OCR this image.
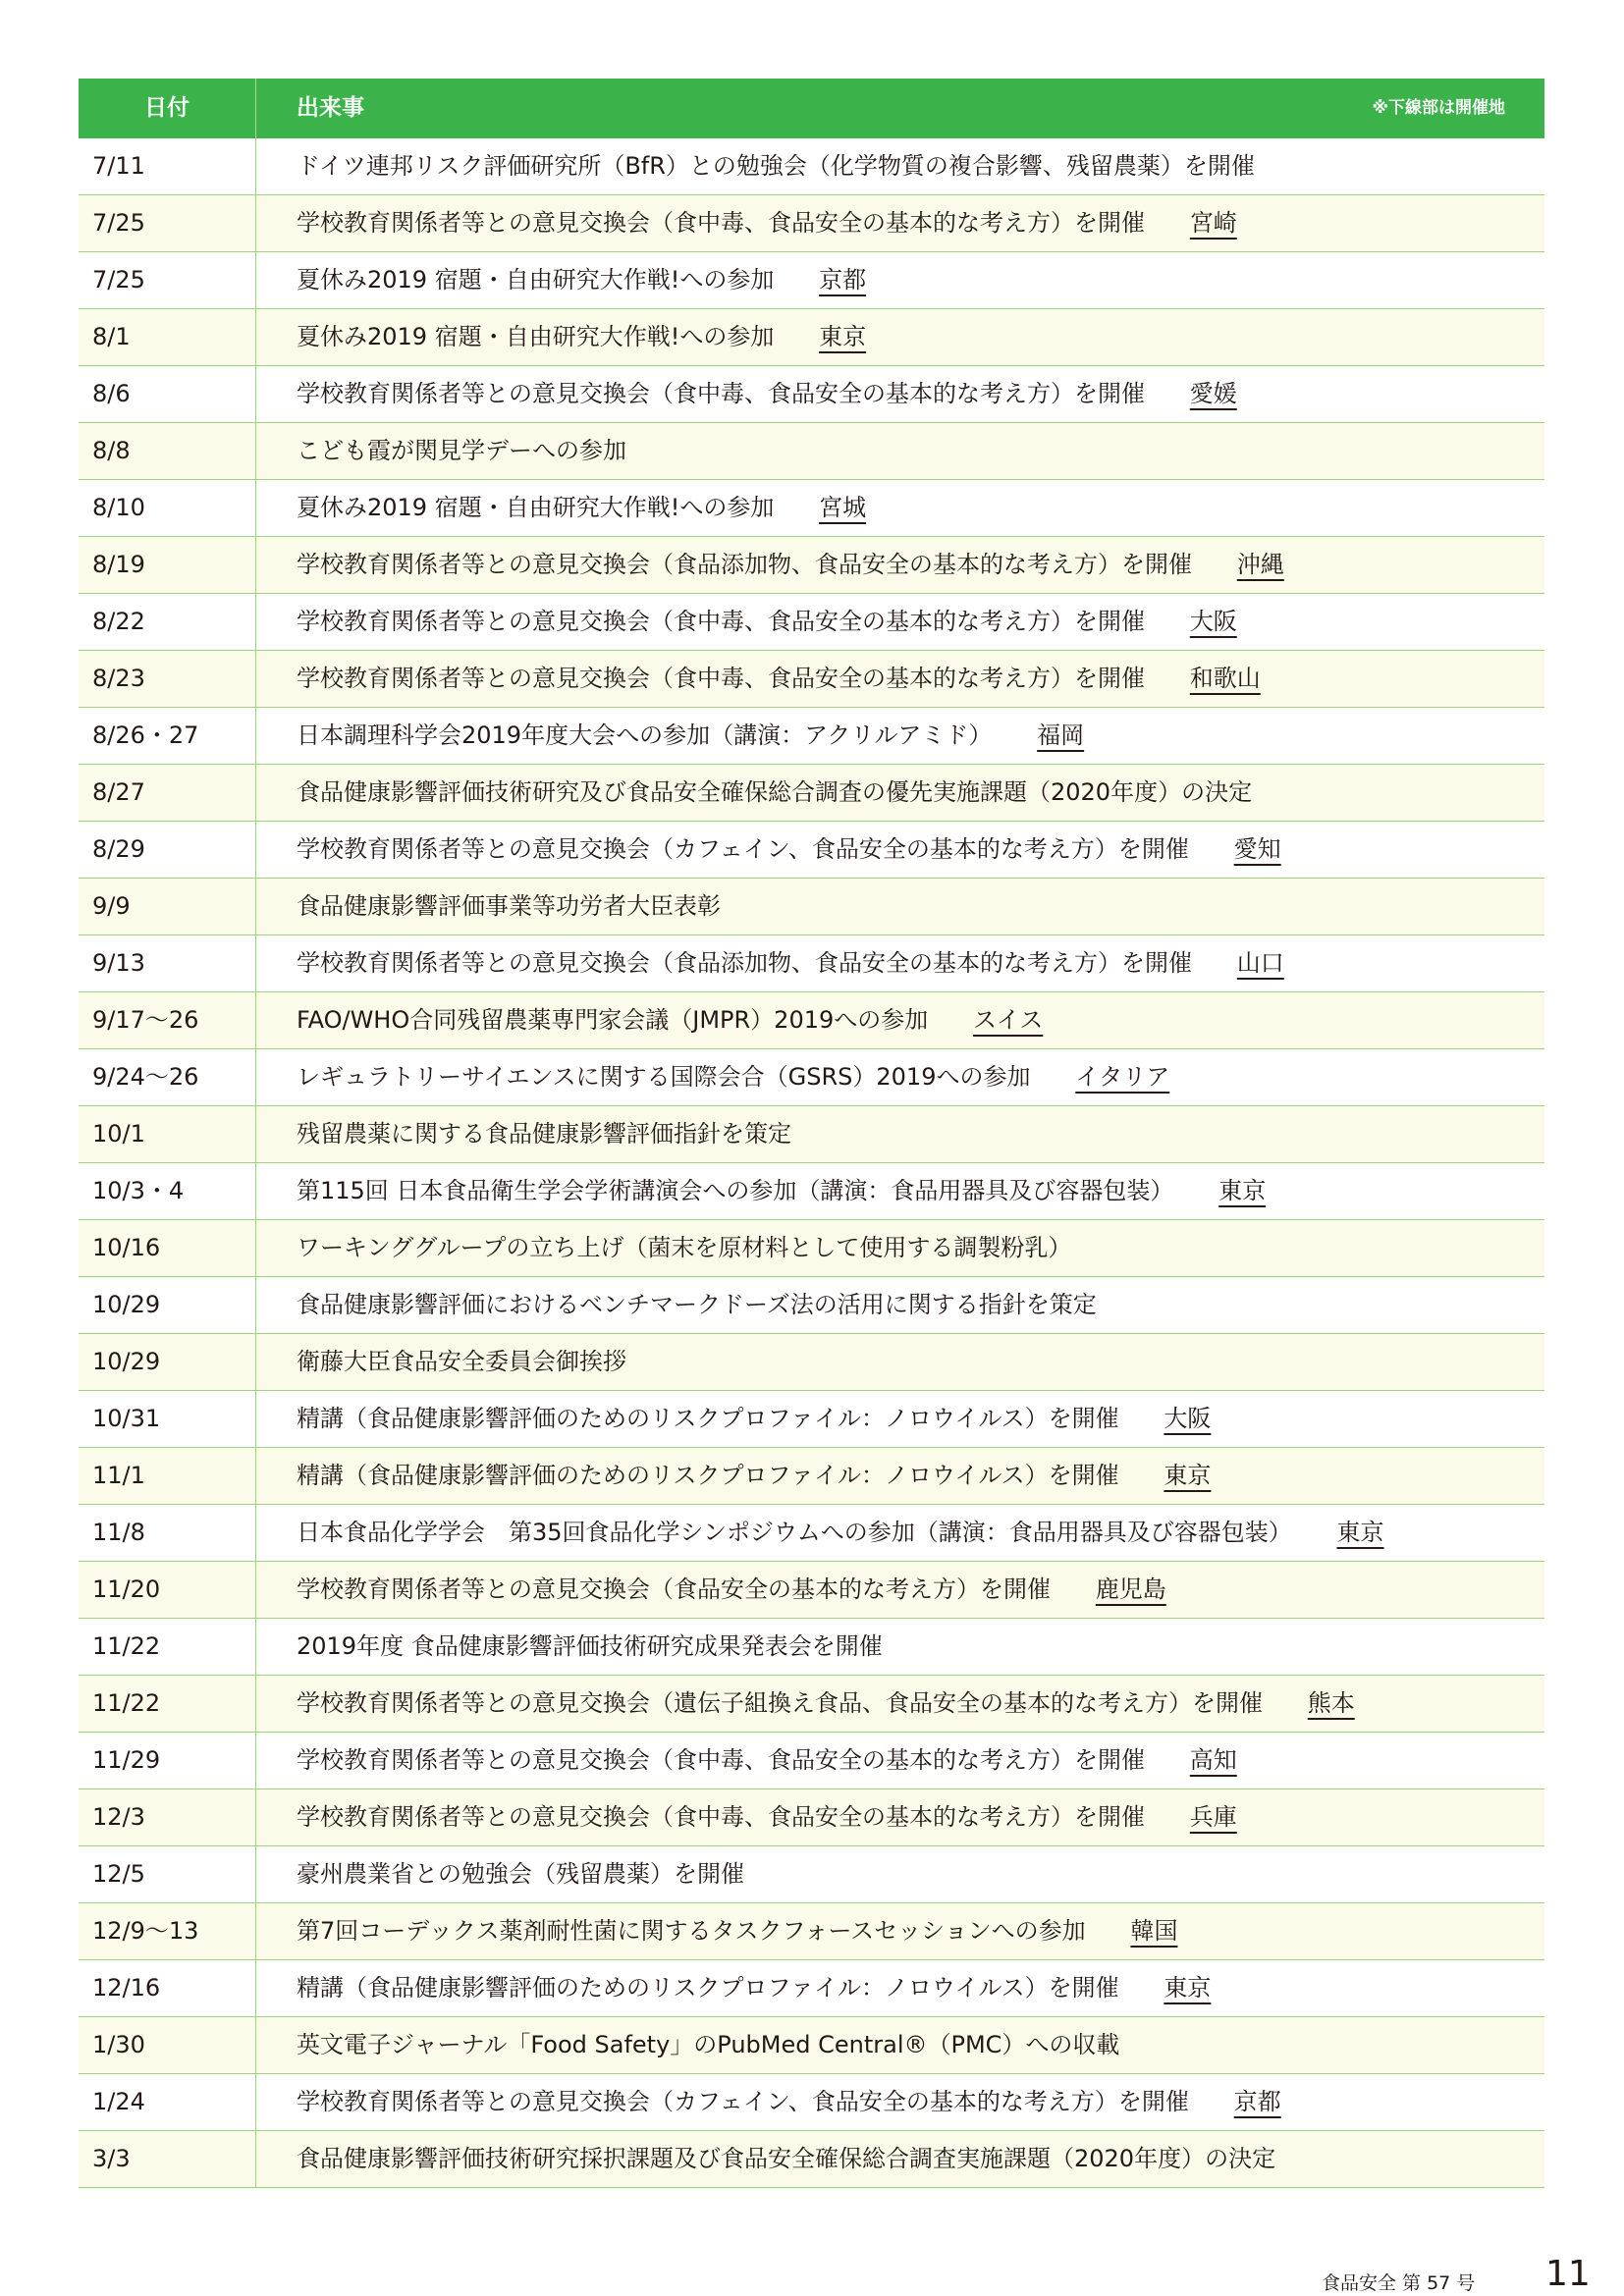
日付	出来事	※下線部は開催地
7/11	ドイツ連邦リスク評価研究所（BfR）との勉強会（化学物質の複合影響、残留農薬）を開催
7/25	学校教育関係者等との意見交換会（食中毒、食品安全の基本的な考え方）を開催 宮崎
7/25	夏休み2019 宿題・自由研究大作戦!への参加 京都
8/1	夏休み2019 宿題・自由研究大作戦!への参加 東京
8/6	学校教育関係者等との意見交換会（食中毒、食品安全の基本的な考え方）を開催 愛媛
8/8	こども霞が関見学デーへの参加
8/10	夏休み2019 宿題・自由研究大作戦!への参加 宮城
8/19	学校教育関係者等との意見交換会（食品添加物、食品安全の基本的な考え方）を開催 沖縄
8/22	学校教育関係者等との意見交換会（食中毒、食品安全の基本的な考え方）を開催 大阪
8/23	学校教育関係者等との意見交換会（食中毒、食品安全の基本的な考え方）を開催 和歌山
8/26・27	日本調理科学会2019年度大会への参加（講演：アクリルアミド） 福岡
8/27	食品健康影響評価技術研究及び食品安全確保総合調査の優先実施課題（2020年度）の決定
8/29	学校教育関係者等との意見交換会（カフェイン、食品安全の基本的な考え方）を開催 愛知
9/9	食品健康影響評価事業等功労者大臣表彰
9/13	学校教育関係者等との意見交換会（食品添加物、食品安全の基本的な考え方）を開催 山口
9/17～26	FAO/WHO合同残留農薬専門家会議（JMPR）2019への参加 スイス
9/24～26	レギュラトリーサイエンスに関する国際会合（GSRS）2019への参加 イタリア
10/1	残留農薬に関する食品健康影響評価指針を策定
10/3・4	第115回 日本食品衛生学会学術講演会への参加（講演：食品用器具及び容器包装） 東京
10/16	ワーキンググループの立ち上げ（菌末を原材料として使用する調製粉乳）
10/29	食品健康影響評価におけるベンチマークドーズ法の活用に関する指針を策定
10/29	衛藤大臣食品安全委員会御挨拶
10/31	精講（食品健康影響評価のためのリスクプロファイル：ノロウイルス）を開催 大阪
11/1	精講（食品健康影響評価のためのリスクプロファイル：ノロウイルス）を開催 東京
11/8	日本食品化学学会　第35回食品化学シンポジウムへの参加（講演：食品用器具及び容器包装） 東京
11/20	学校教育関係者等との意見交換会（食品安全の基本的な考え方）を開催 鹿児島
11/22	2019年度 食品健康影響評価技術研究成果発表会を開催
11/22	学校教育関係者等との意見交換会（遺伝子組換え食品、食品安全の基本的な考え方）を開催 熊本
11/29	学校教育関係者等との意見交換会（食中毒、食品安全の基本的な考え方）を開催 高知
12/3	学校教育関係者等との意見交換会（食中毒、食品安全の基本的な考え方）を開催 兵庫
12/5	豪州農業省との勉強会（残留農薬）を開催
12/9～13	第7回コーデックス薬剤耐性菌に関するタスクフォースセッションへの参加 韓国
12/16	精講（食品健康影響評価のためのリスクプロファイル：ノロウイルス）を開催 東京
1/30	英文電子ジャーナル「Food Safety」のPubMed Central®（PMC）への収載
1/24	学校教育関係者等との意見交換会（カフェイン、食品安全の基本的な考え方）を開催 京都
3/3	食品健康影響評価技術研究採択課題及び食品安全確保総合調査実施課題（2020年度）の決定
食品安全 第 57 号 11
